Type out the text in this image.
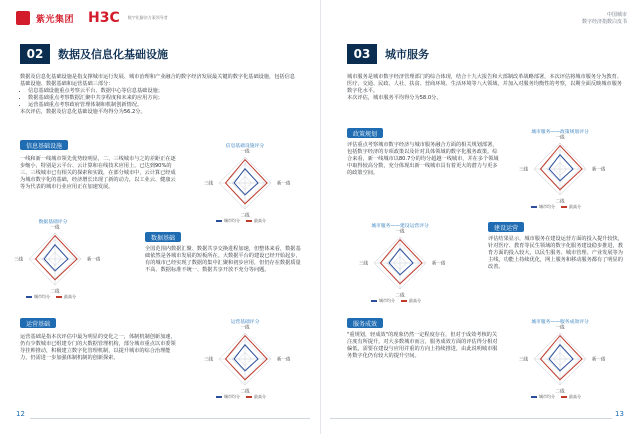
紫光集团 H3C 数字化解决方案领导者
02	数据及信息化基础设施
数据及信息化基础设施是指支撑城市运行发展、城市治理和产业融合的数字经济发展最关键的数字化基础设施，包括信息基础设施、数据基础和运营基础三部分：
• 信息基础设施重点考察云平台、数据中心等信息基础设施；
• 数据基础重点考察数据汇聚中共享程度和未来的应用方向；
• 运营基础重点考察政府管理体制和机制创新情况。
本次评估，数据及信息化基础设施平均得分为56.2分。
信息基础设施
一线和新一线城市领先优势较明显，二、三线城市与之的差距正在逐步缩小，特别是云平台、云计算和在线技术应用上，已达到90%的三、三线城市已有相关的探索和实践，在部分城市中，云计算已经成为城市数字化的基础，经济增长出现了新的动力，以工业云、健康云等为代表的城市行业应用正在加速发展。
信息基础设施评分
一线
新一线
二线
三线
城市均分	最高分
数据基础评分
一线
新一线
二线
三线
城市均分	最高分
数据基础
全国范围内数据汇聚、数据共享交换进程加速，但整体来看，数据基础依然是各城市发展的短板所在。大数据平台的建设已经开始起步，有的城市已经实现了数据的集中汇聚和初步应用，但仍存在数据质量不高、数据标准不统一、数据共享开放不充分等问题。
运营基础
运营基础是指本次评估中最为明显的变化之一，体制机制创新加速，仍有少数城市已组建专门的大数据管理机构，部分城市重点以市委领导挂帅推动，积极建立数字化管理机制，以提升城市的综合治理能力，仍需进一步加强体制机制的创新探索。
运营基础评分
一线
新一线
二线
三线
城市均分	最高分
12
中国城市
数字经济指数白皮书
03	城市服务
城市服务是城市数字经济管理部门的综合体现，结合十九大报告和大部制改革战略部署，本次评估将城市服务分为教育、医疗、交通、民政、人社、扶贫、营商环境、生活环境等八大领域，并加入对服务均衡性的考察，以期全面反映城市服务数字化水平。
本次评估，城市服务平均得分为58.0分。
政策规划
评估重点考察城市数字经济与城市服务融合方面的相关规划部署，包括数字经济的专项政策以及针对具体领域的数字化服务政策。综合来看，新一线城市以80.7分的均分超越一线城市，并在多个领域中取得较高分数，充分体现出新一线城市具有着更大的潜力与更多的政策空间。
城市服务——政策规划评分
一线
新一线
二线
三线
城市均分	最高分
城市服务——建设运营评分
一线
新一线
二线
三线
城市均分	最高分
建设运营
评估结果显示，城市服务在建设运营方面的投入提升较快，针对医疗、教育等民生领域的数字化服务建设稳步推进，教育方面的投入较大，以民生服务、城市管理、产业发展等为主线，功能上持续优化，网上服务和移动服务都有了明显的改善。
服务成效
"重规划，轻成效"的现象仍然一定程度存在，但对于成效考核的关注度有所提升。对大多数城市而言，服务成效方面的评估得分相对偏低，需要在建设与应用并重的方向上持续推进，由此说明城市服务数字化仍有较大的提升空间。
城市服务——服务成效评分
一线
新一线
二线
三线
城市均分	最高分
13
